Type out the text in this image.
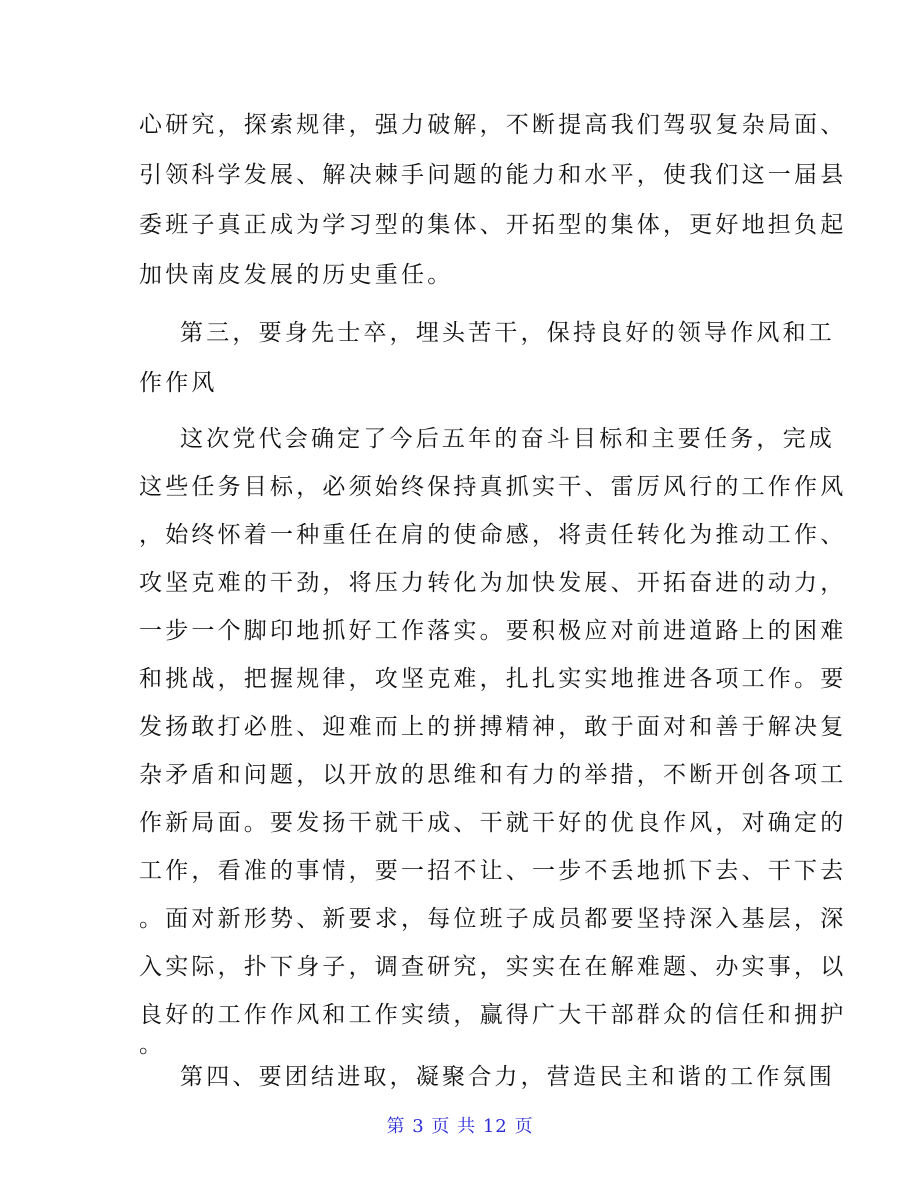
心研究，探索规律，强力破解，不断提高我们驾驭复杂局面、
引领科学发展、解决棘手问题的能力和水平，使我们这一届县
委班子真正成为学习型的集体、开拓型的集体，更好地担负起
加快南皮发展的历史重任。
第三，要身先士卒，埋头苦干，保持良好的领导作风和工
作作风
这次党代会确定了今后五年的奋斗目标和主要任务，完成
这些任务目标，必须始终保持真抓实干、雷厉风行的工作作风
，始终怀着一种重任在肩的使命感，将责任转化为推动工作、
攻坚克难的干劲，将压力转化为加快发展、开拓奋进的动力，
一步一个脚印地抓好工作落实。要积极应对前进道路上的困难
和挑战，把握规律，攻坚克难，扎扎实实地推进各项工作。要
发扬敢打必胜、迎难而上的拼搏精神，敢于面对和善于解决复
杂矛盾和问题，以开放的思维和有力的举措，不断开创各项工
作新局面。要发扬干就干成、干就干好的优良作风，对确定的
工作，看准的事情，要一招不让、一步不丢地抓下去、干下去
。面对新形势、新要求，每位班子成员都要坚持深入基层，深
入实际，扑下身子，调查研究，实实在在解难题、办实事，以
良好的工作作风和工作实绩，赢得广大干部群众的信任和拥护
。
第四、要团结进取，凝聚合力，营造民主和谐的工作氛围
第 3 页 共 12 页
